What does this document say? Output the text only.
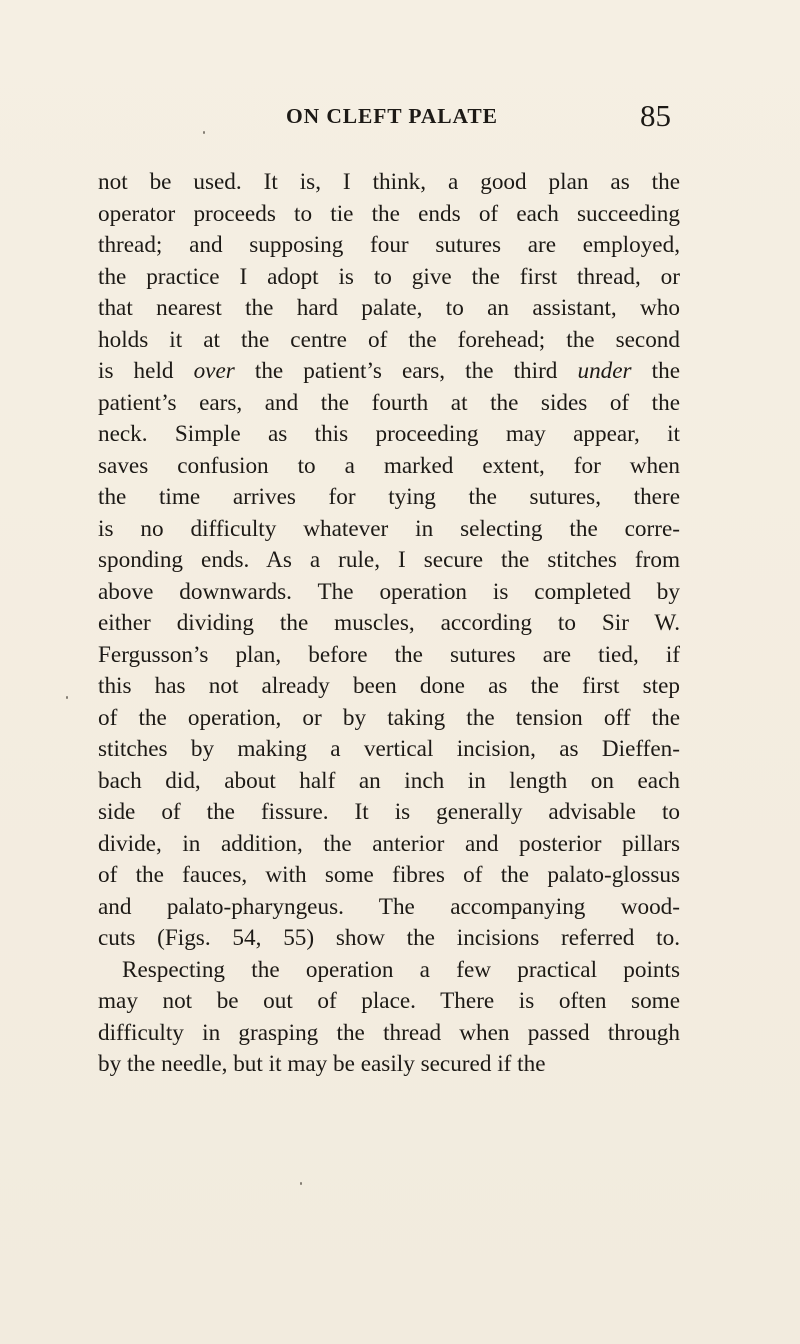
ON CLEFT PALATE	85
not be used. It is, I think, a good plan as the
operator proceeds to tie the ends of each succeeding
thread; and supposing four sutures are employed,
the practice I adopt is to give the first thread, or
that nearest the hard palate, to an assistant, who
holds it at the centre of the forehead; the second
is held over the patient’s ears, the third under the
patient’s ears, and the fourth at the sides of the
neck. Simple as this proceeding may appear, it
saves confusion to a marked extent, for when
the time arrives for tying the sutures, there
is no difficulty whatever in selecting the corre-
sponding ends. As a rule, I secure the stitches from
above downwards. The operation is completed by
either dividing the muscles, according to Sir W.
Fergusson’s plan, before the sutures are tied, if
this has not already been done as the first step
of the operation, or by taking the tension off the
stitches by making a vertical incision, as Dieffen-
bach did, about half an inch in length on each
side of the fissure. It is generally advisable to
divide, in addition, the anterior and posterior pillars
of the fauces, with some fibres of the palato-glossus
and palato-pharyngeus. The accompanying wood-
cuts (Figs. 54, 55) show the incisions referred to.
Respecting the operation a few practical points
may not be out of place. There is often some
difficulty in grasping the thread when passed through
by the needle, but it may be easily secured if the
